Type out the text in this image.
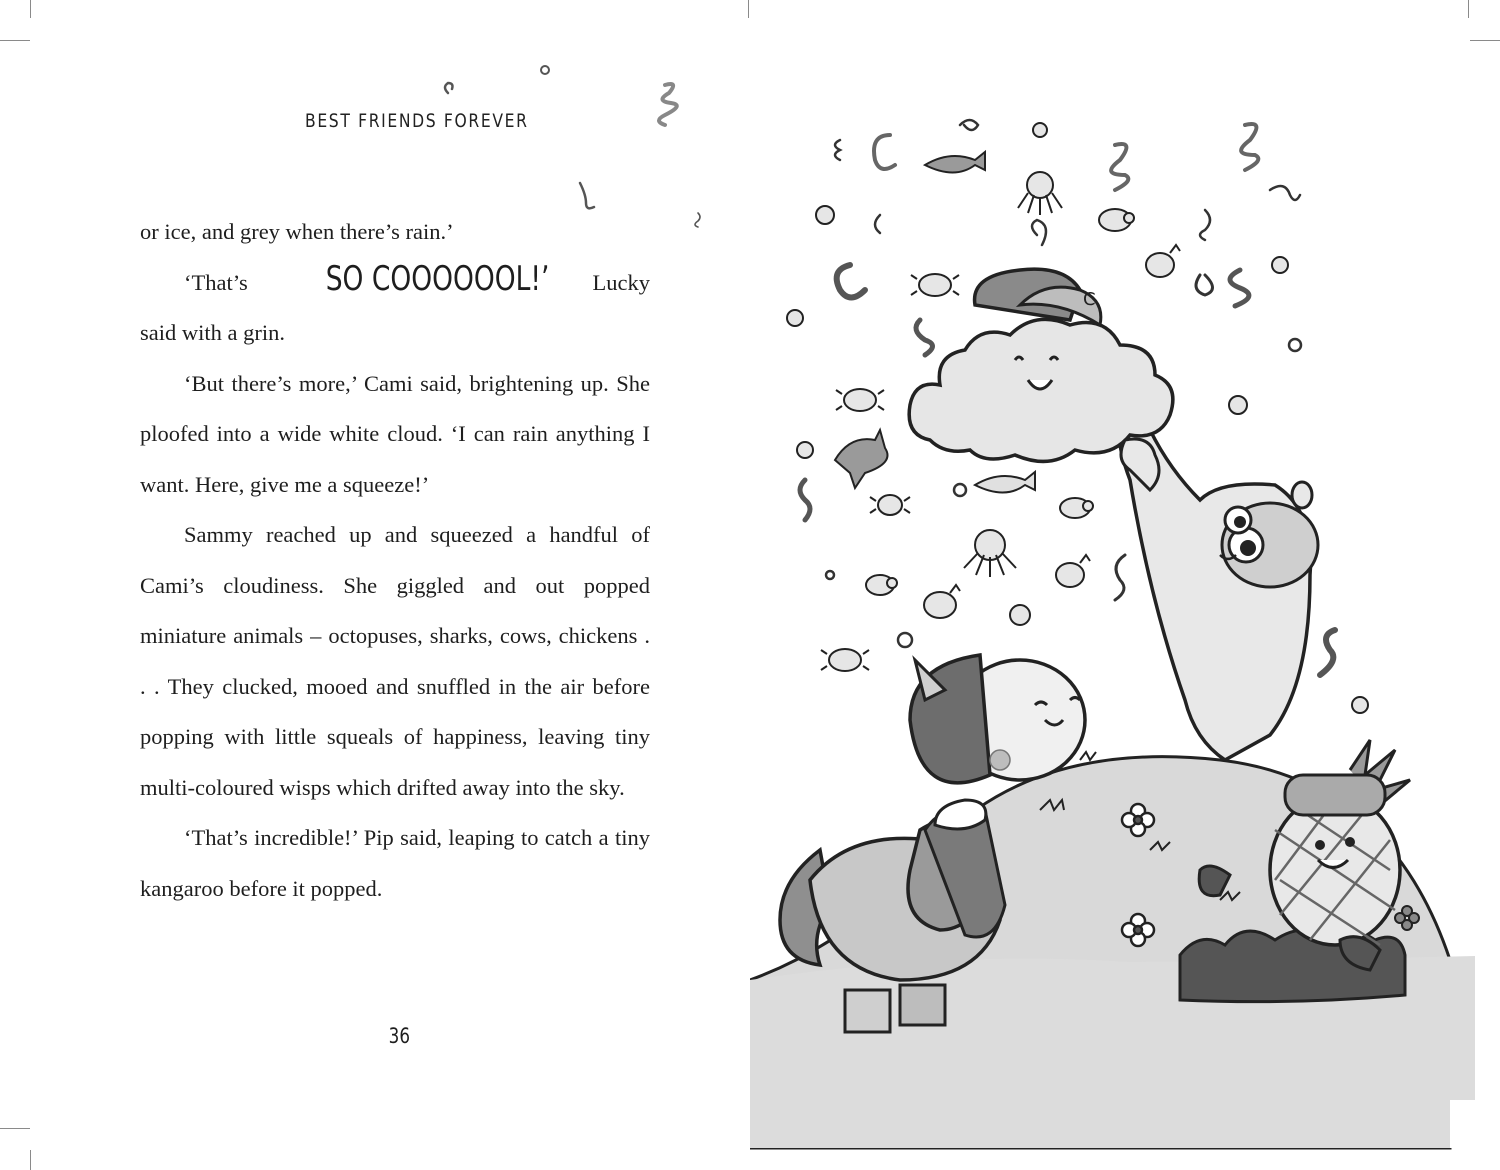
BEST FRIENDS FOREVER

or ice, and grey when there’s rain.’

‘That’s SO COOOOOOL!’ Lucky said with a grin.

‘But there’s more,’ Cami said, brightening up. She ploofed into a wide white cloud. ‘I can rain anything I want. Here, give me a squeeze!’

Sammy reached up and squeezed a handful of Cami’s cloudiness. She giggled and out popped miniature animals – octopuses, sharks, cows, chickens . . . They clucked, mooed and snuffled in the air before popping with little squeals of happiness, leaving tiny multi-coloured wisps which drifted away into the sky.

‘That’s incredible!’ Pip said, leaping to catch a tiny kangaroo before it popped.

36
C
